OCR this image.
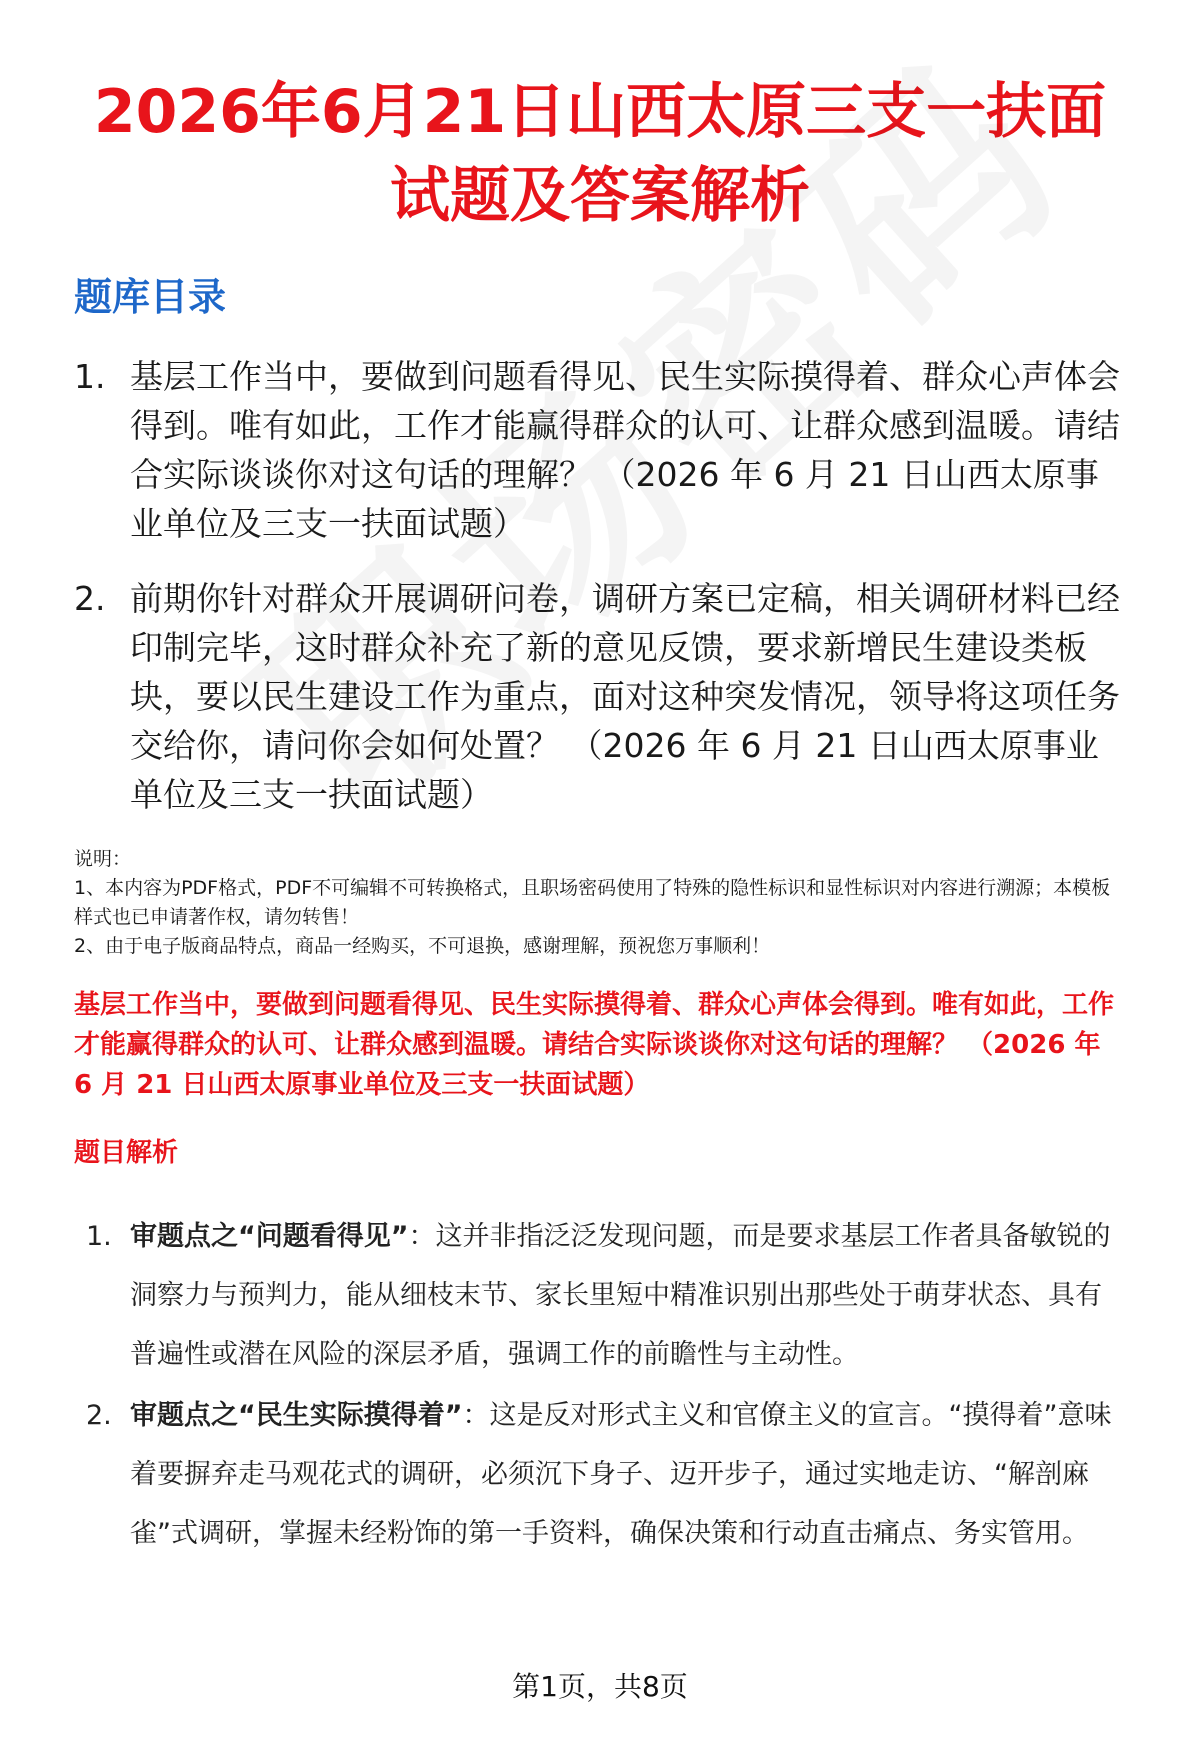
2026年6月21日山西太原三支一扶面试题及答案解析
题库目录
1. 基层工作当中，要做到问题看得见、民生实际摸得着、群众心声体会得到。唯有如此，工作才能赢得群众的认可、让群众感到温暖。请结合实际谈谈你对这句话的理解？ （2026 年 6 月 21 日山西太原事业单位及三支一扶面试题）
2. 前期你针对群众开展调研问卷，调研方案已定稿，相关调研材料已经印制完毕，这时群众补充了新的意见反馈，要求新增民生建设类板块，要以民生建设工作为重点，面对这种突发情况，领导将这项任务交给你，请问你会如何处置？ （2026 年 6 月 21 日山西太原事业单位及三支一扶面试题）

说明：

1、本内容为PDF格式，PDF不可编辑不可转换格式，且职场密码使用了特殊的隐性标识和显性标识对内容进行溯源；本模板样式也已申请著作权，请勿转售！

2、由于电子版商品特点，商品一经购买，不可退换，感谢理解，预祝您万事顺利！

基层工作当中，要做到问题看得见、民生实际摸得着、群众心声体会得到。唯有如此，工作才能赢得群众的认可、让群众感到温暖。请结合实际谈谈你对这句话的理解？ （2026 年 6 月 21 日山西太原事业单位及三支一扶面试题）
题目解析
1. 审题点之“问题看得见”：这并非指泛泛发现问题，而是要求基层工作者具备敏锐的洞察力与预判力，能从细枝末节、家长里短中精准识别出那些处于萌芽状态、具有普遍性或潜在风险的深层矛盾，强调工作的前瞻性与主动性。
2. 审题点之“民生实际摸得着”：这是反对形式主义和官僚主义的宣言。“摸得着”意味着要摒弃走马观花式的调研，必须沉下身子、迈开步子，通过实地走访、“解剖麻雀”式调研，掌握未经粉饰的第一手资料，确保决策和行动直击痛点、务实管用。
第1页，共8页
